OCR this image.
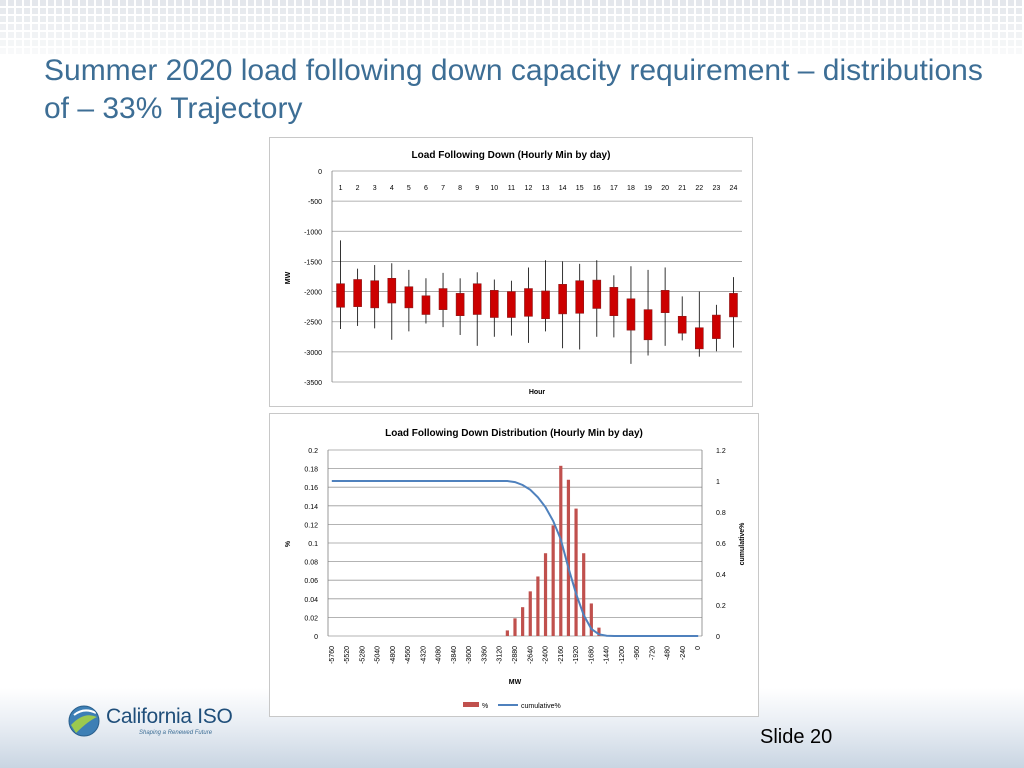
Summer 2020 load following down capacity requirement – distributions of – 33% Trajectory
Load Following Down (Hourly Min by day)
0
-500
-1000
-1500
-2000
-2500
-3000
-3500
1 2 3 4 5 6 7 8 9 10 11 12 13 14 15 16 17 18 19 20 21 22 23 24
Hour
MW
Load Following Down Distribution (Hourly Min by day)
0
0.02
0.04
0.06
0.08
0.1
0.12
0.14
0.16
0.18
0.2
0
0.2
0.4
0.6
0.8
1
1.2
-5760 -5520 -5280 -5040 -4800 -4560 -4320 -4080 -3840 -3600 -3360 -3120 -2880 -2640 -2400 -2160 -1920 -1680 -1440 -1200 -960 -720 -480 -240 0
MW
%	cumulative%
%	cumulative%
California ISO
Shaping a Renewed Future	Slide 20
